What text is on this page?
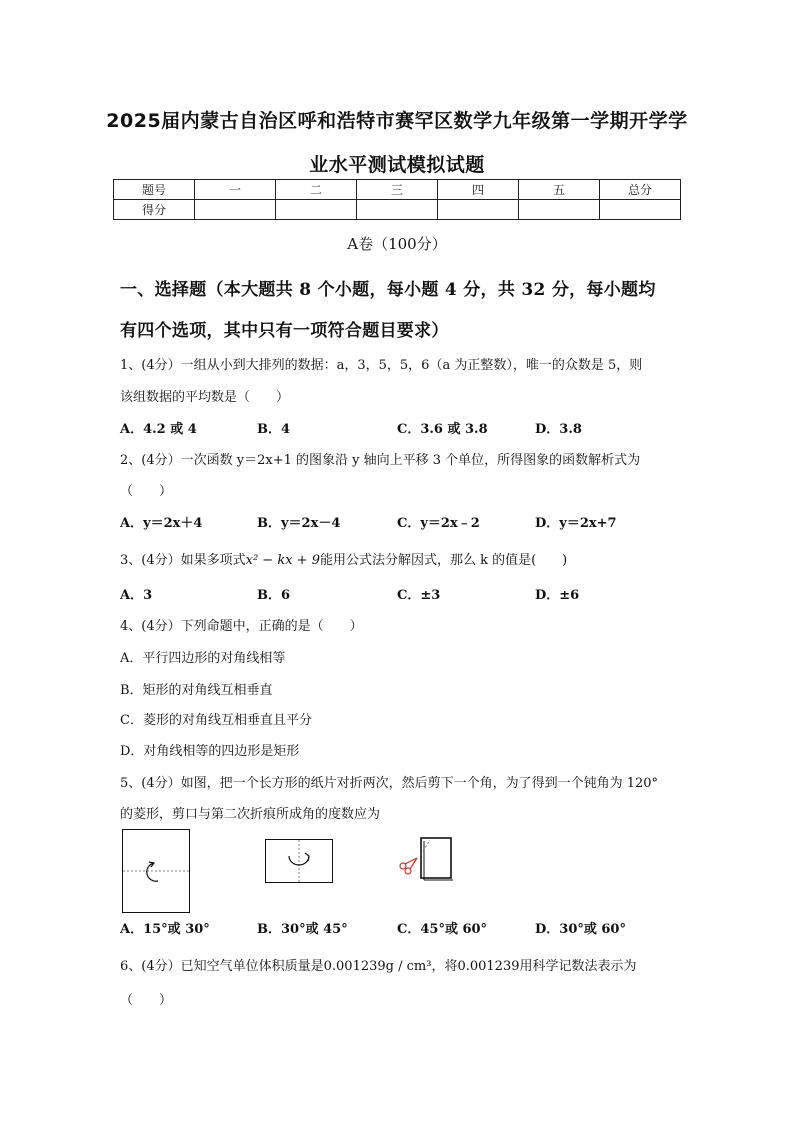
2025届内蒙古自治区呼和浩特市赛罕区数学九年级第一学期开学学
业水平测试模拟试题
题号	一	二	三	四	五	总分
得分						
A卷（100分）
一、选择题（本大题共 8 个小题，每小题 4 分，共 32 分，每小题均
有四个选项，其中只有一项符合题目要求）
1、(4分）一组从小到大排列的数据：a，3，5，5，6（a 为正整数），唯一的众数是 5，则
该组数据的平均数是（　　）
A．4.2 或 4	B．4	C．3.6 或 3.8	D．3.8
2、(4分）一次函数 y＝2x+1 的图象沿 y 轴向上平移 3 个单位，所得图象的函数解析式为
（　　）
A．y＝2x＋4	B．y＝2x－4	C．y＝2x﹣2	D．y＝2x+7
3、(4分）如果多项式x² − kx + 9能用公式法分解因式，那么 k 的值是(　　)
A．3	B．6	C．±3	D．±6
4、(4分）下列命题中，正确的是（　　）
A．平行四边形的对角线相等
B．矩形的对角线互相垂直
C．菱形的对角线互相垂直且平分
D．对角线相等的四边形是矩形
5、(4分）如图，把一个长方形的纸片对折两次，然后剪下一个角，为了得到一个钝角为 120°
的菱形，剪口与第二次折痕所成角的度数应为
A．15°或 30°	B．30°或 45°	C．45°或 60°	D．30°或 60°
6、(4分）已知空气单位体积质量是0.001239g / cm³，将0.001239用科学记数法表示为
（　　）
